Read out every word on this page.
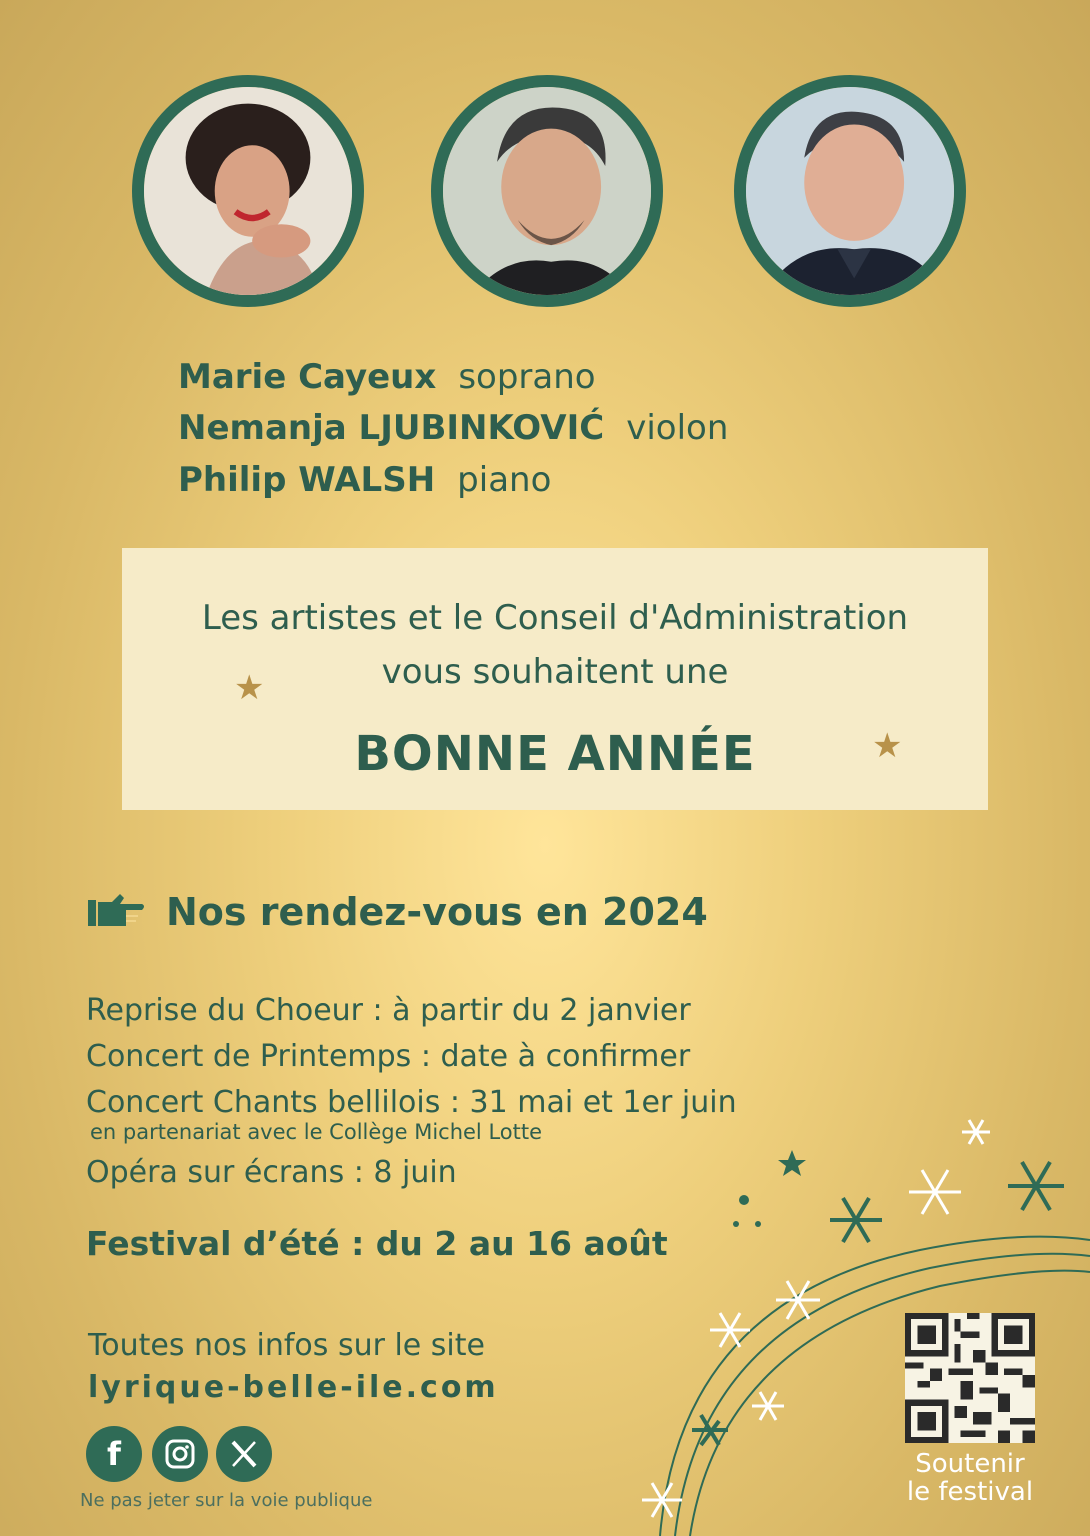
Marie Cayeux soprano
Nemanja LJUBINKOVIĆ violon
Philip WALSH piano
Les artistes et le Conseil d'Administration
vous souhaitent une
BONNE ANNÉE
★
★
Nos rendez-vous en 2024
Reprise du Choeur : à partir du 2 janvier
Concert de Printemps : date à confirmer
Concert Chants bellilois : 31 mai et 1er juin
en partenariat avec le Collège Michel Lotte
Opéra sur écrans : 8 juin
Festival d’été : du 2 au 16 août
Toutes nos infos sur le site
lyrique-belle-ile.com
f
Ne pas jeter sur la voie publique
Soutenir
le festival
